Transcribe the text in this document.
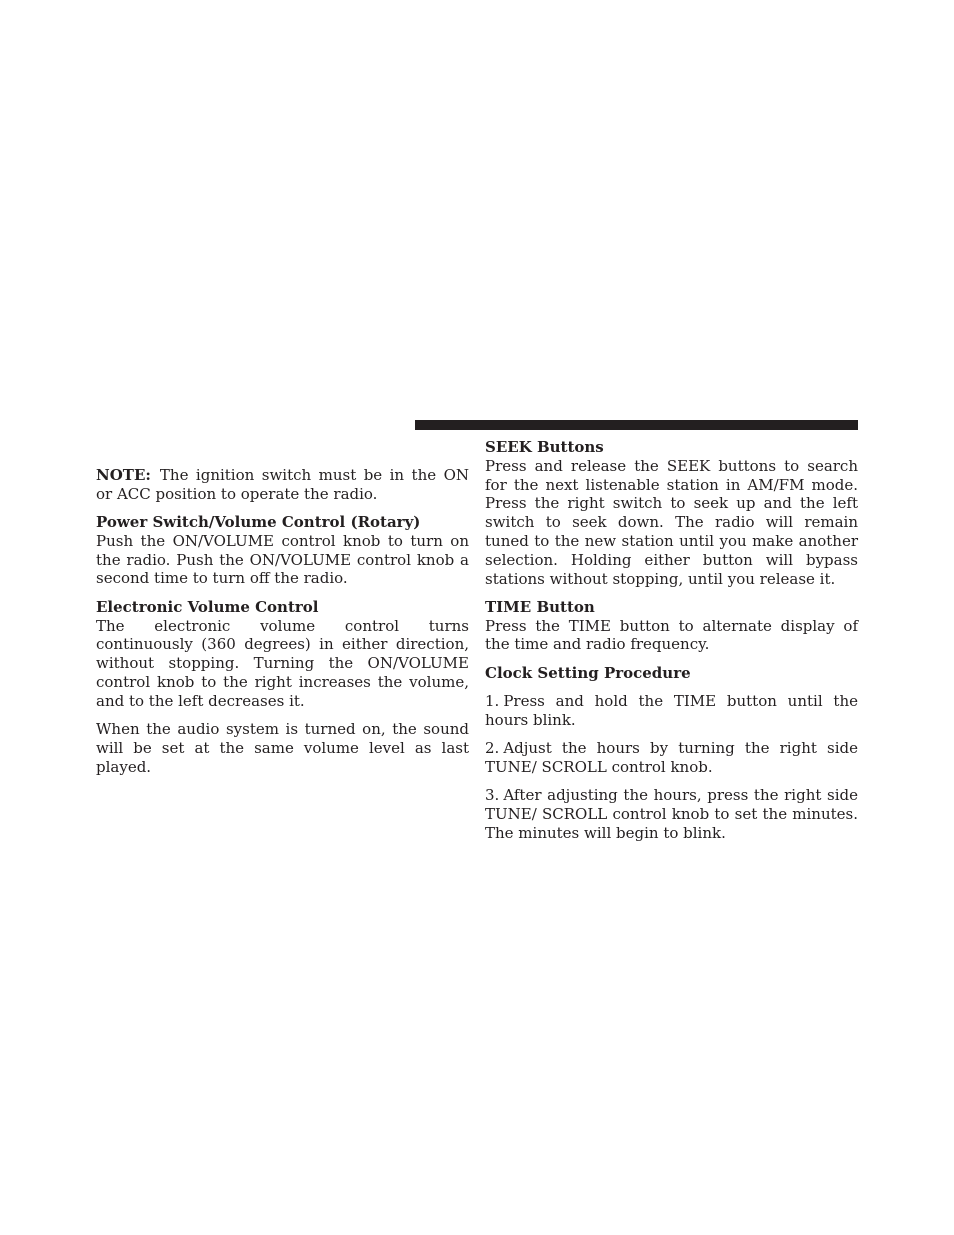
NOTE: The ignition switch must be in the ON or ACC position to operate the radio.

Power Switch/Volume Control (Rotary)

Push the ON/VOLUME control knob to turn on the radio. Push the ON/VOLUME control knob a second time to turn off the radio.

Electronic Volume Control

The electronic volume control turns continuously (360 degrees) in either direction, without stopping. Turning the ON/VOLUME control knob to the right increases the volume, and to the left decreases it.

When the audio system is turned on, the sound will be set at the same volume level as last played.

SEEK Buttons

Press and release the SEEK buttons to search for the next listenable station in AM/FM mode. Press the right switch to seek up and the left switch to seek down. The radio will remain tuned to the new station until you make another selection. Holding either button will bypass stations without stopping, until you release it.

TIME Button

Press the TIME button to alternate display of the time and radio frequency.

Clock Setting Procedure

1. Press and hold the TIME button until the hours blink.

2. Adjust the hours by turning the right side TUNE/ SCROLL control knob.

3. After adjusting the hours, press the right side TUNE/ SCROLL control knob to set the minutes. The minutes will begin to blink.
